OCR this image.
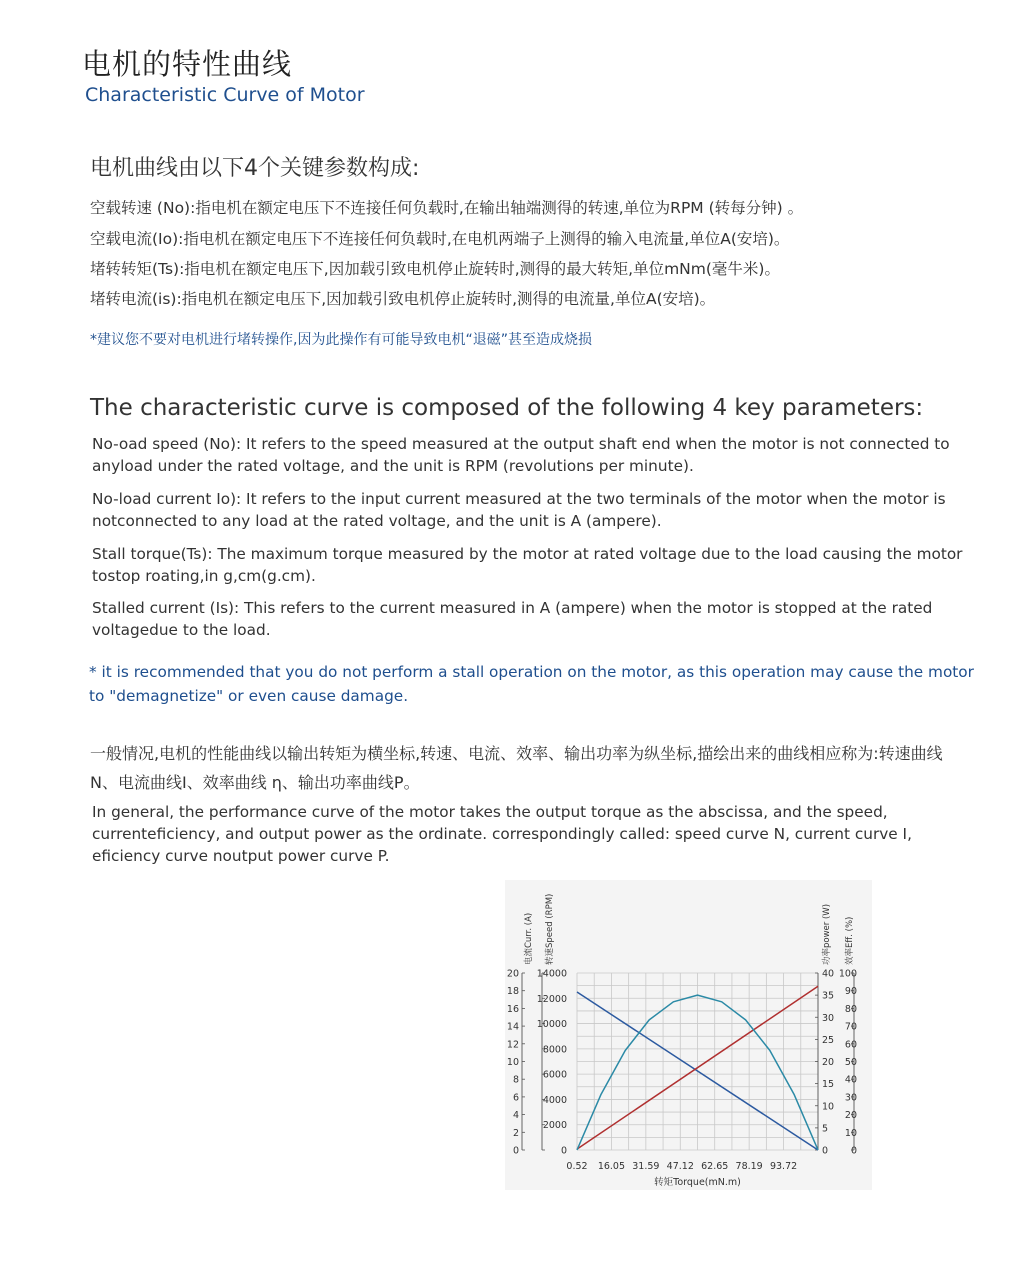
电机的特性曲线
Characteristic Curve of Motor
电机曲线由以下4个关键参数构成:
空载转速 (No):指电机在额定电压下不连接任何负载时,在输出轴端测得的转速,单位为RPM (转每分钟) 。
空载电流(Io):指电机在额定电压下不连接任何负载时,在电机两端子上测得的输入电流量,单位A(安培)。
堵转转矩(Ts):指电机在额定电压下,因加载引致电机停止旋转时,测得的最大转矩,单位mNm(毫牛米)。
堵转电流(is):指电机在额定电压下,因加载引致电机停止旋转时,测得的电流量,单位A(安培)。
*建议您不要对电机进行堵转操作,因为此操作有可能导致电机“退磁”甚至造成烧损
The characteristic curve is composed of the following 4 key parameters:
No-oad speed (No): It refers to the speed measured at the output shaft end when the motor is not connected to anyload under the rated voltage, and the unit is RPM (revolutions per minute).
No-load current Io): It refers to the input current measured at the two terminals of the motor when the motor is notconnected to any load at the rated voltage, and the unit is A (ampere).
Stall torque(Ts): The maximum torque measured by the motor at rated voltage due to the load causing the motor tostop roating,in g,cm(g.cm).
Stalled current (Is): This refers to the current measured in A (ampere) when the motor is stopped at the rated voltagedue to the load.
* it is recommended that you do not perform a stall operation on the motor, as this operation may cause the motor to "demagnetize" or even cause damage.
一般情况,电机的性能曲线以输出转矩为横坐标,转速、电流、效率、输出功率为纵坐标,描绘出来的曲线相应称为:转速曲线N、电流曲线I、效率曲线 η、输出功率曲线P。
In general, the performance curve of the motor takes the output torque as the abscissa, and the speed, currenteficiency, and output power as the ordinate. correspondingly called: speed curve N, current curve I, eficiency curve noutput power curve P.
0
2
4
6
8
10
12
14
16
18
20
电流Curr. (A)
0
2000
4000
6000
8000
10000
12000
14000
转速Speed (RPM)
0
5
10
15
20
25
30
35
40
功率power (W)
0
10
20
30
40
50
60
70
80
90
100
效率Eff. (%)
0.52 16.05 31.59 47.12 62.65 78.19 93.72
转矩Torque(mN.m)
